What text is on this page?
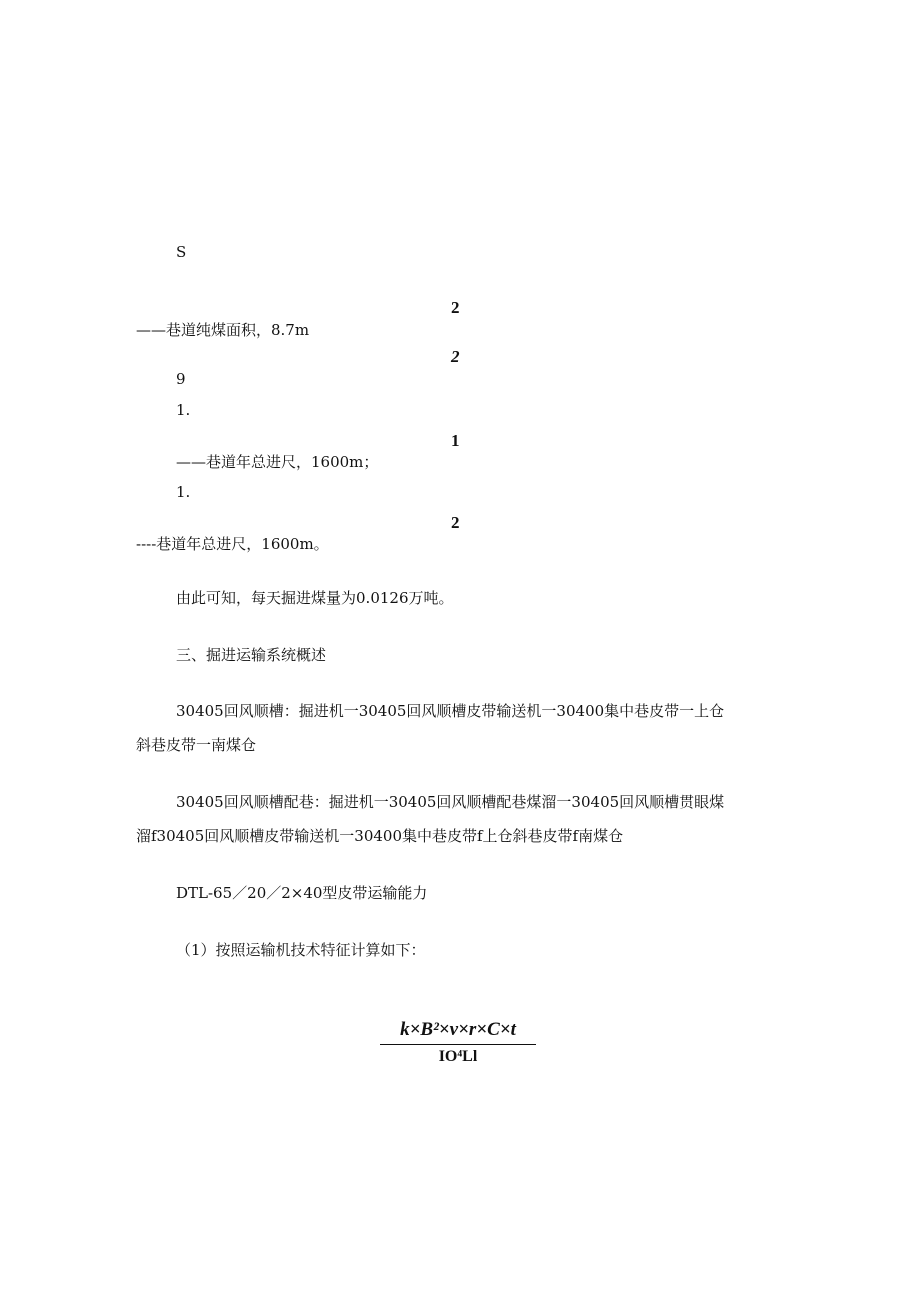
S
2
——巷道纯煤面积，8.7m
2
9
1.
1
——巷道年总进尺，1600m；
1.
2
----巷道年总进尺，1600m。
由此可知，每天掘进煤量为0.0126万吨。
三、掘进运输系统概述
30405回风顺槽：掘进机一30405回风顺槽皮带输送机一30400集中巷皮带一上仓
斜巷皮带一南煤仓
30405回风顺槽配巷：掘进机一30405回风顺槽配巷煤溜一30405回风顺槽贯眼煤
溜f30405回风顺槽皮带输送机一30400集中巷皮带f上仓斜巷皮带f南煤仓
DTL-65／20／2×40型皮带运输能力
（1）按照运输机技术特征计算如下：
k×B²×v×r×C×t
IO⁴Ll
